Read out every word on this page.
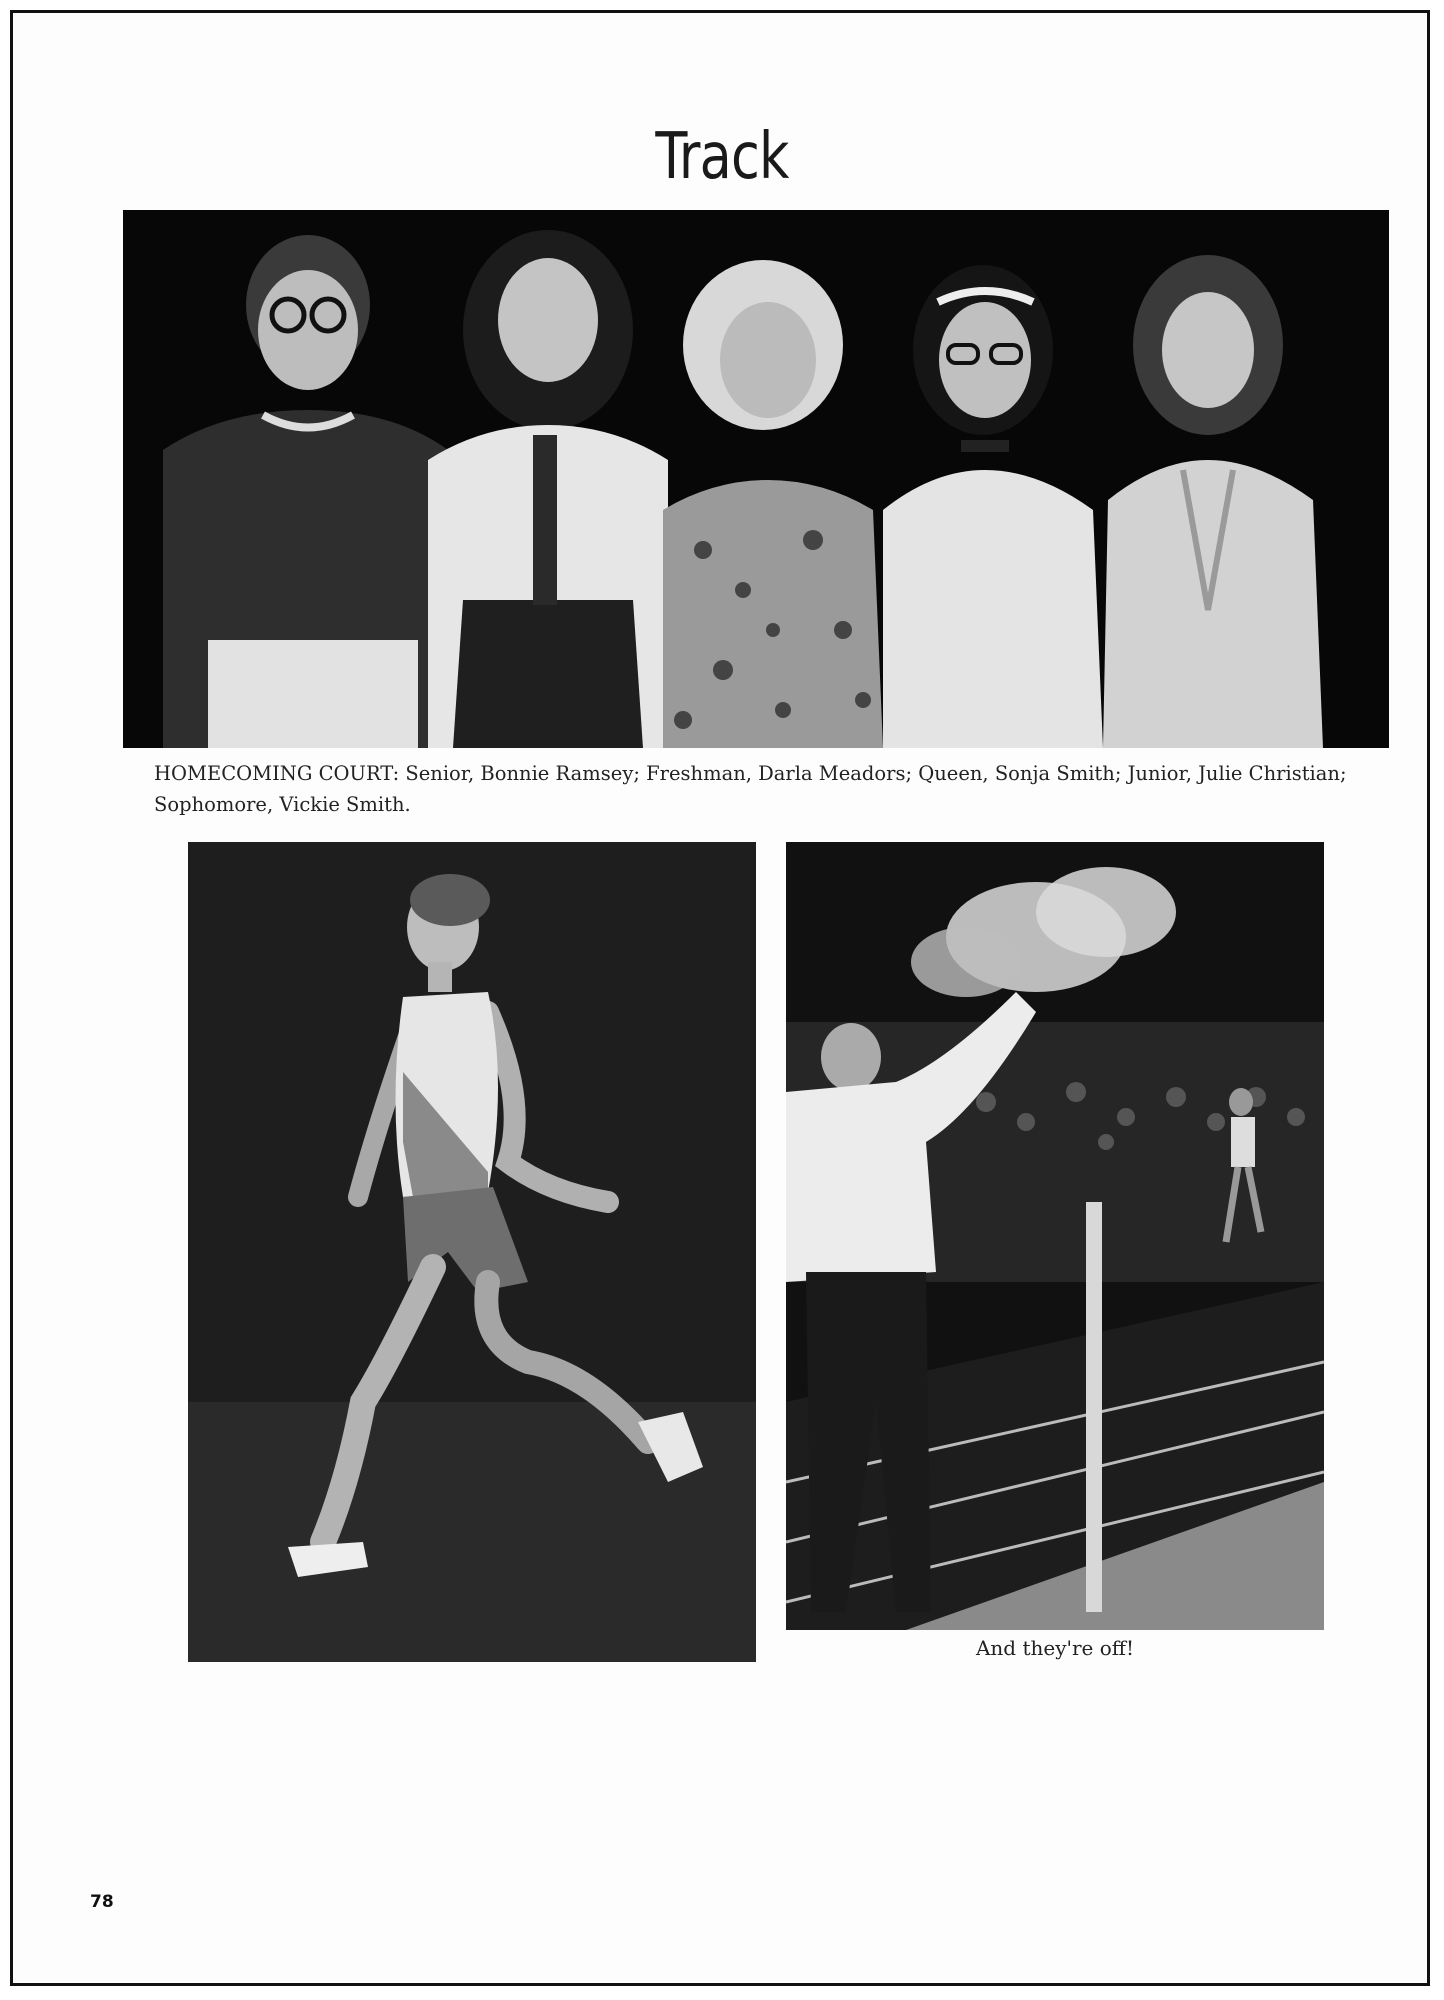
Track

HOMECOMING COURT: Senior, Bonnie Ramsey; Freshman, Darla Meadors; Queen, Sonja Smith; Junior, Julie Christian; Sophomore, Vickie Smith.

And they're off!

78
